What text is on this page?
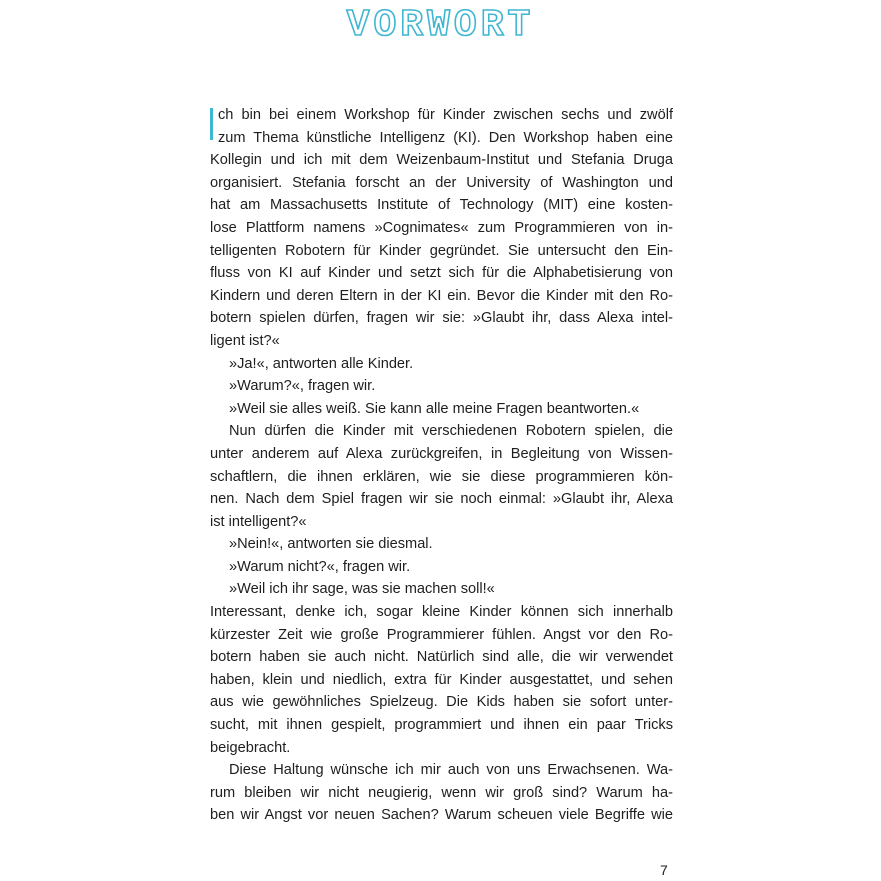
VORWORT
ch bin bei einem Workshop für Kinder zwischen sechs und zwölf
zum Thema künstliche Intelligenz (KI). Den Workshop haben eine
Kollegin und ich mit dem Weizenbaum-Institut und Stefania Druga
organisiert. Stefania forscht an der University of Washington und
hat am Massachusetts Institute of Technology (MIT) eine kosten-
lose Plattform namens »Cognimates« zum Programmieren von in-
telligenten Robotern für Kinder gegründet. Sie untersucht den Ein-
fluss von KI auf Kinder und setzt sich für die Alphabetisierung von
Kindern und deren Eltern in der KI ein. Bevor die Kinder mit den Ro-
botern spielen dürfen, fragen wir sie: »Glaubt ihr, dass Alexa intel-
ligent ist?«
»Ja!«, antworten alle Kinder.
»Warum?«, fragen wir.
»Weil sie alles weiß. Sie kann alle meine Fragen beantworten.«
Nun dürfen die Kinder mit verschiedenen Robotern spielen, die
unter anderem auf Alexa zurückgreifen, in Begleitung von Wissen-
schaftlern, die ihnen erklären, wie sie diese programmieren kön-
nen. Nach dem Spiel fragen wir sie noch einmal: »Glaubt ihr, Alexa
ist intelligent?«
»Nein!«, antworten sie diesmal.
»Warum nicht?«, fragen wir.
»Weil ich ihr sage, was sie machen soll!«
Interessant, denke ich, sogar kleine Kinder können sich innerhalb
kürzester Zeit wie große Programmierer fühlen. Angst vor den Ro-
botern haben sie auch nicht. Natürlich sind alle, die wir verwendet
haben, klein und niedlich, extra für Kinder ausgestattet, und sehen
aus wie gewöhnliches Spielzeug. Die Kids haben sie sofort unter-
sucht, mit ihnen gespielt, programmiert und ihnen ein paar Tricks
beigebracht.
Diese Haltung wünsche ich mir auch von uns Erwachsenen. Wa-
rum bleiben wir nicht neugierig, wenn wir groß sind? Warum ha-
ben wir Angst vor neuen Sachen? Warum scheuen viele Begriffe wie
7
